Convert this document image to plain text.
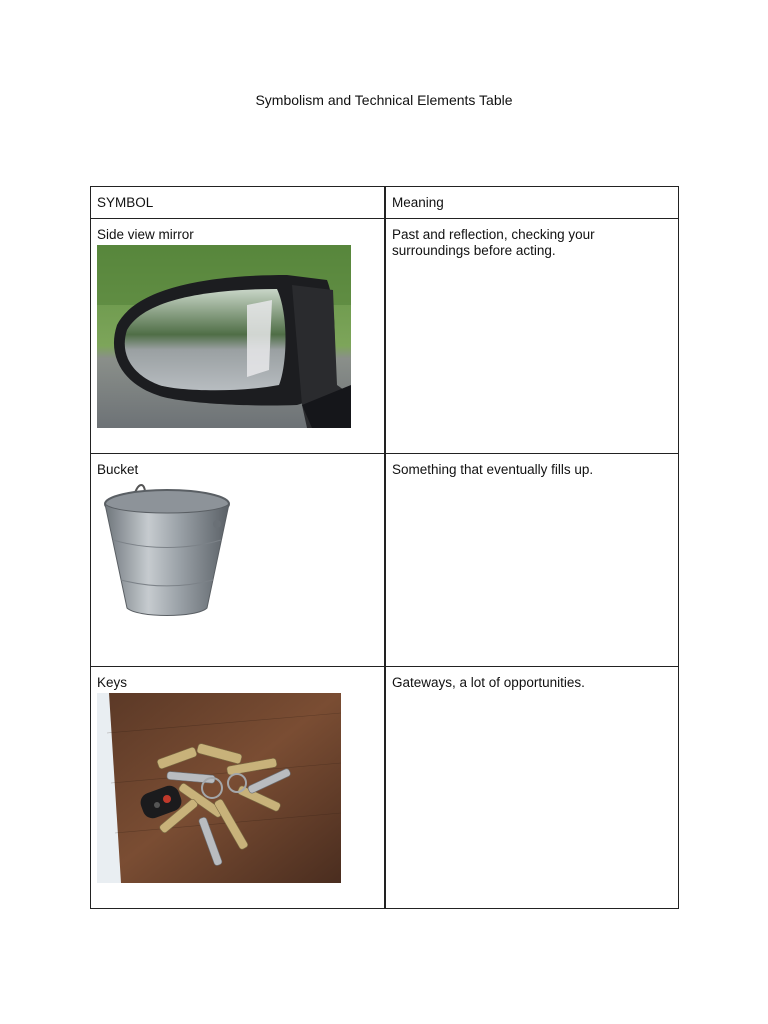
Symbolism and Technical Elements Table
SYMBOL	Meaning

Side view mirror	Past and reflection, checking your surroundings before acting.

Bucket	Something that eventually fills up.

Keys	Gateways, a lot of opportunities.
